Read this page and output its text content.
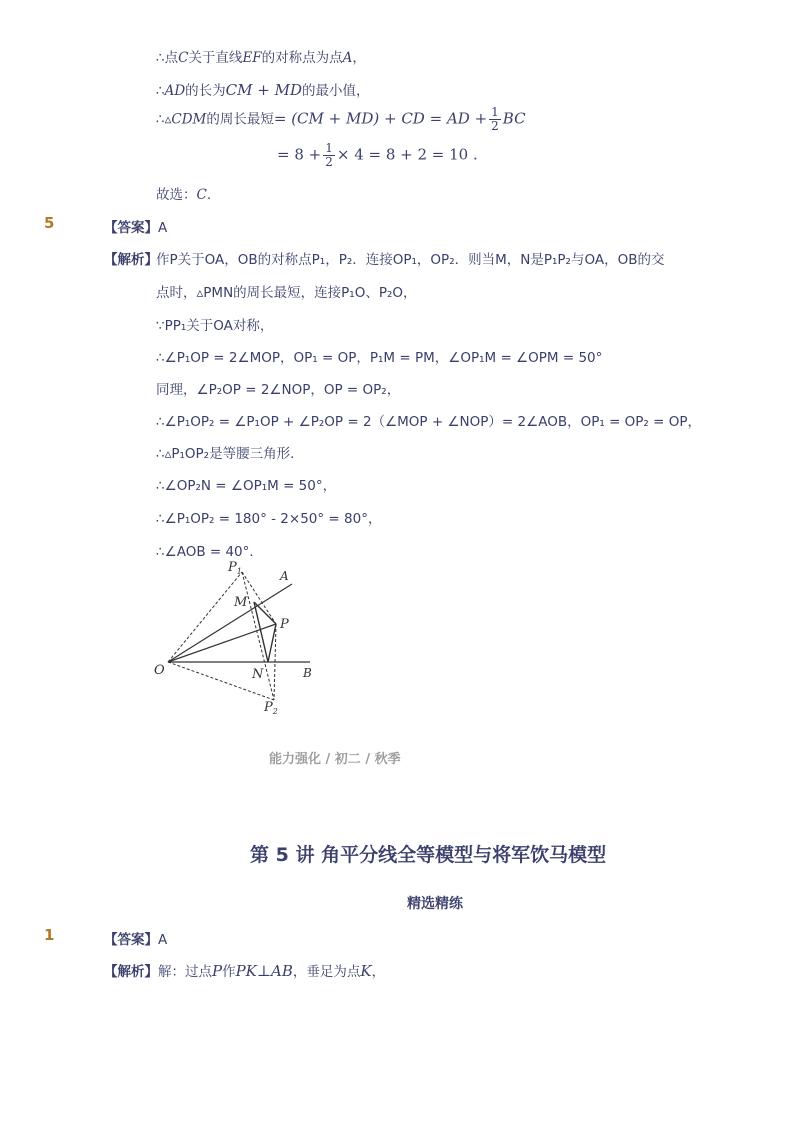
∴点C关于直线EF的对称点为点A，
∴AD的长为CM + MD的最小值，
∴▵CDM的周长最短= (CM + MD) + CD = AD + $\frac{1}{2}$ BC
= $8 + \frac{1}{2} \times 4 = 8 + 2 = 10$ .
故选：C.
5	【答案】A
【解析】
作P关于OA，OB的对称点P₁，P₂．连接OP₁，OP₂．则当M，N是P₁P₂与OA，OB的交
点时，▵PMN的周长最短，连接P₁O、P₂O，
∵PP₁关于OA对称，
∴∠P₁OP = 2∠MOP，OP₁ = OP，P₁M = PM，∠OP₁M = ∠OPM = 50°
同理，∠P₂OP = 2∠NOP，OP = OP₂，
∴∠P₁OP₂ = ∠P₁OP + ∠P₂OP = 2（∠MOP + ∠NOP）= 2∠AOB，OP₁ = OP₂ = OP，
∴▵P₁OP₂是等腰三角形．
∴∠OP₂N = ∠OP₁M = 50°，
∴∠P₁OP₂ = 180° - 2×50° = 80°，
∴∠AOB = 40°．
$P_1$	A
M
P
O	N	B
$P_2$
能力强化 / 初二 / 秋季
第 5 讲 角平分线全等模型与将军饮马模型
精选精练
1	【答案】A
【解析】解：过点P作PK⊥AB，垂足为点K，
